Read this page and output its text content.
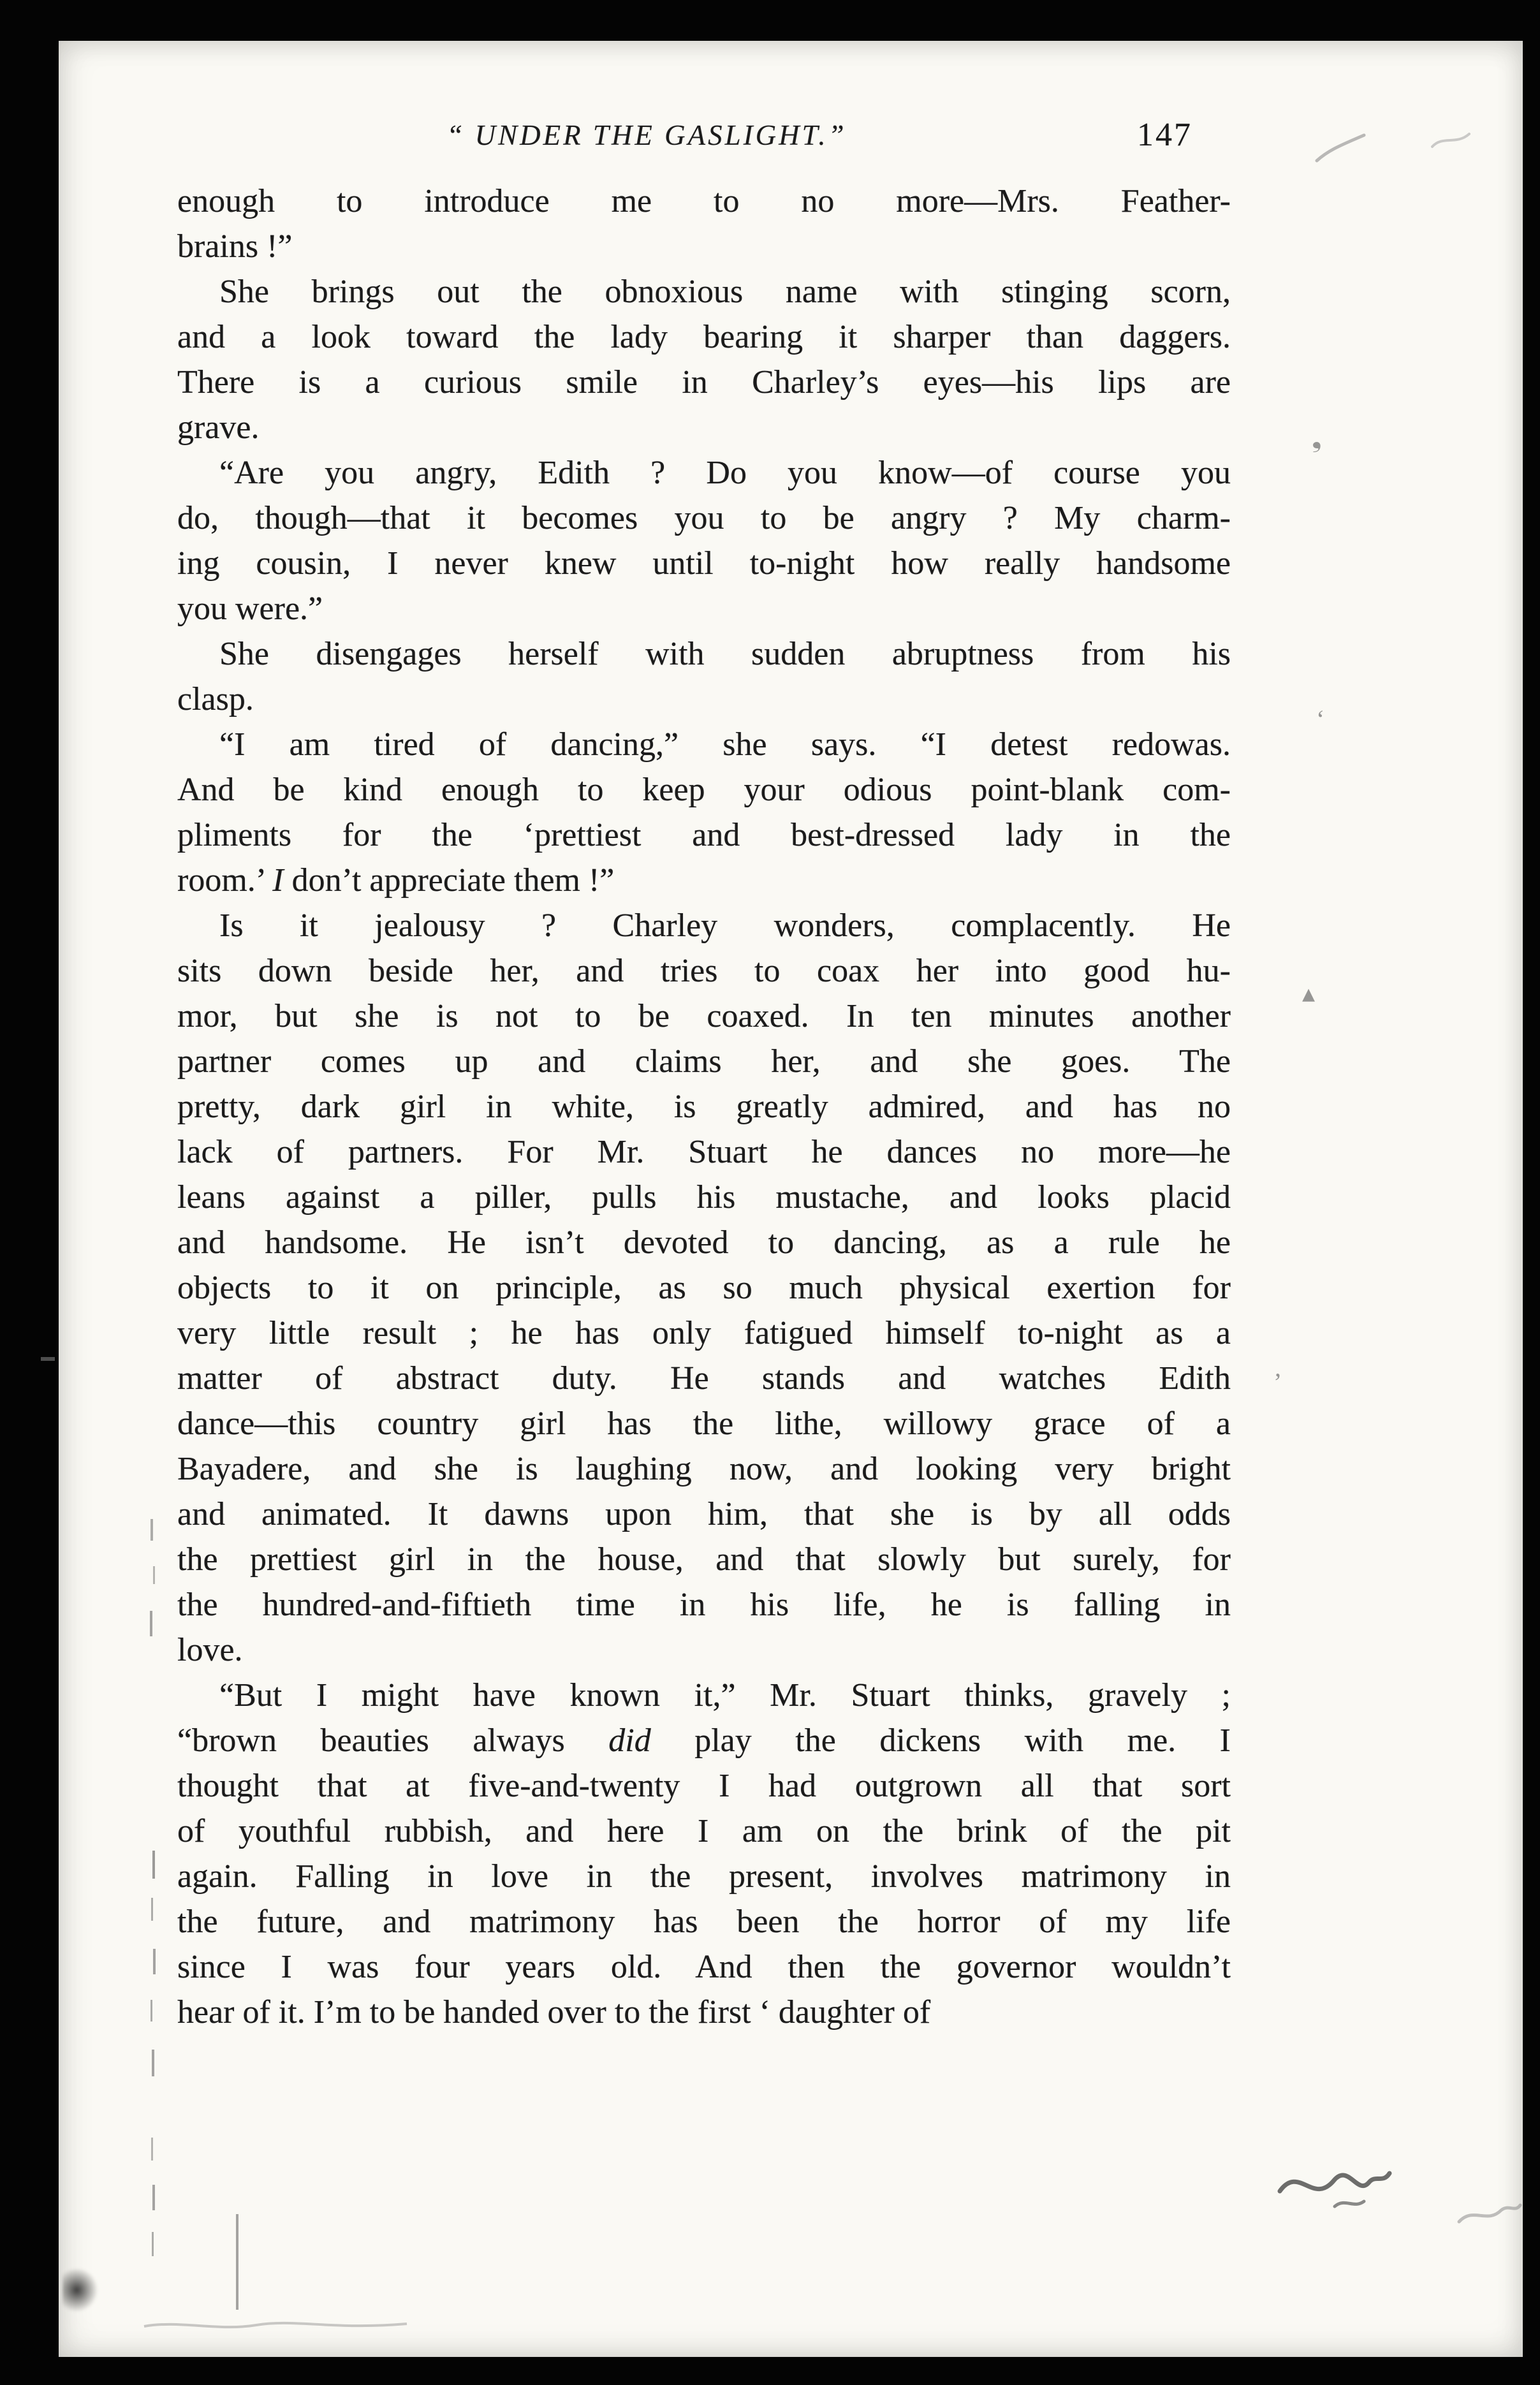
“ UNDER THE GASLIGHT.”	147
enough to introduce me to no more—Mrs. Feather-
brains !”
She brings out the obnoxious name with stinging scorn,
and a look toward the lady bearing it sharper than daggers.
There is a curious smile in Charley’s eyes—his lips are
grave.
“Are you angry, Edith ? Do you know—of course you
do, though—that it becomes you to be angry ? My charm-
ing cousin, I never knew until to-night how really handsome
you were.”
She disengages herself with sudden abruptness from his
clasp.
“I am tired of dancing,” she says. “I detest redowas.
And be kind enough to keep your odious point-blank com-
pliments for the ‘prettiest and best-dressed lady in the
room.’ I don’t appreciate them !”
Is it jealousy ? Charley wonders, complacently. He
sits down beside her, and tries to coax her into good hu-
mor, but she is not to be coaxed. In ten minutes another
partner comes up and claims her, and she goes. The
pretty, dark girl in white, is greatly admired, and has no
lack of partners. For Mr. Stuart he dances no more—he
leans against a piller, pulls his mustache, and looks placid
and handsome. He isn’t devoted to dancing, as a rule he
objects to it on principle, as so much physical exertion for
very little result ; he has only fatigued himself to-night as a
matter of abstract duty. He stands and watches Edith
dance—this country girl has the lithe, willowy grace of a
Bayadere, and she is laughing now, and looking very bright
and animated. It dawns upon him, that she is by all odds
the prettiest girl in the house, and that slowly but surely, for
the hundred-and-fiftieth time in his life, he is falling in
love.
“But I might have known it,” Mr. Stuart thinks, gravely ;
“brown beauties always did play the dickens with me. I
thought that at five-and-twenty I had outgrown all that sort
of youthful rubbish, and here I am on the brink of the pit
again. Falling in love in the present, involves matrimony in
the future, and matrimony has been the horror of my life
since I was four years old. And then the governor wouldn’t
hear of it. I’m to be handed over to the first ‘ daughter of
❟
ʻ
ʼ
▴
